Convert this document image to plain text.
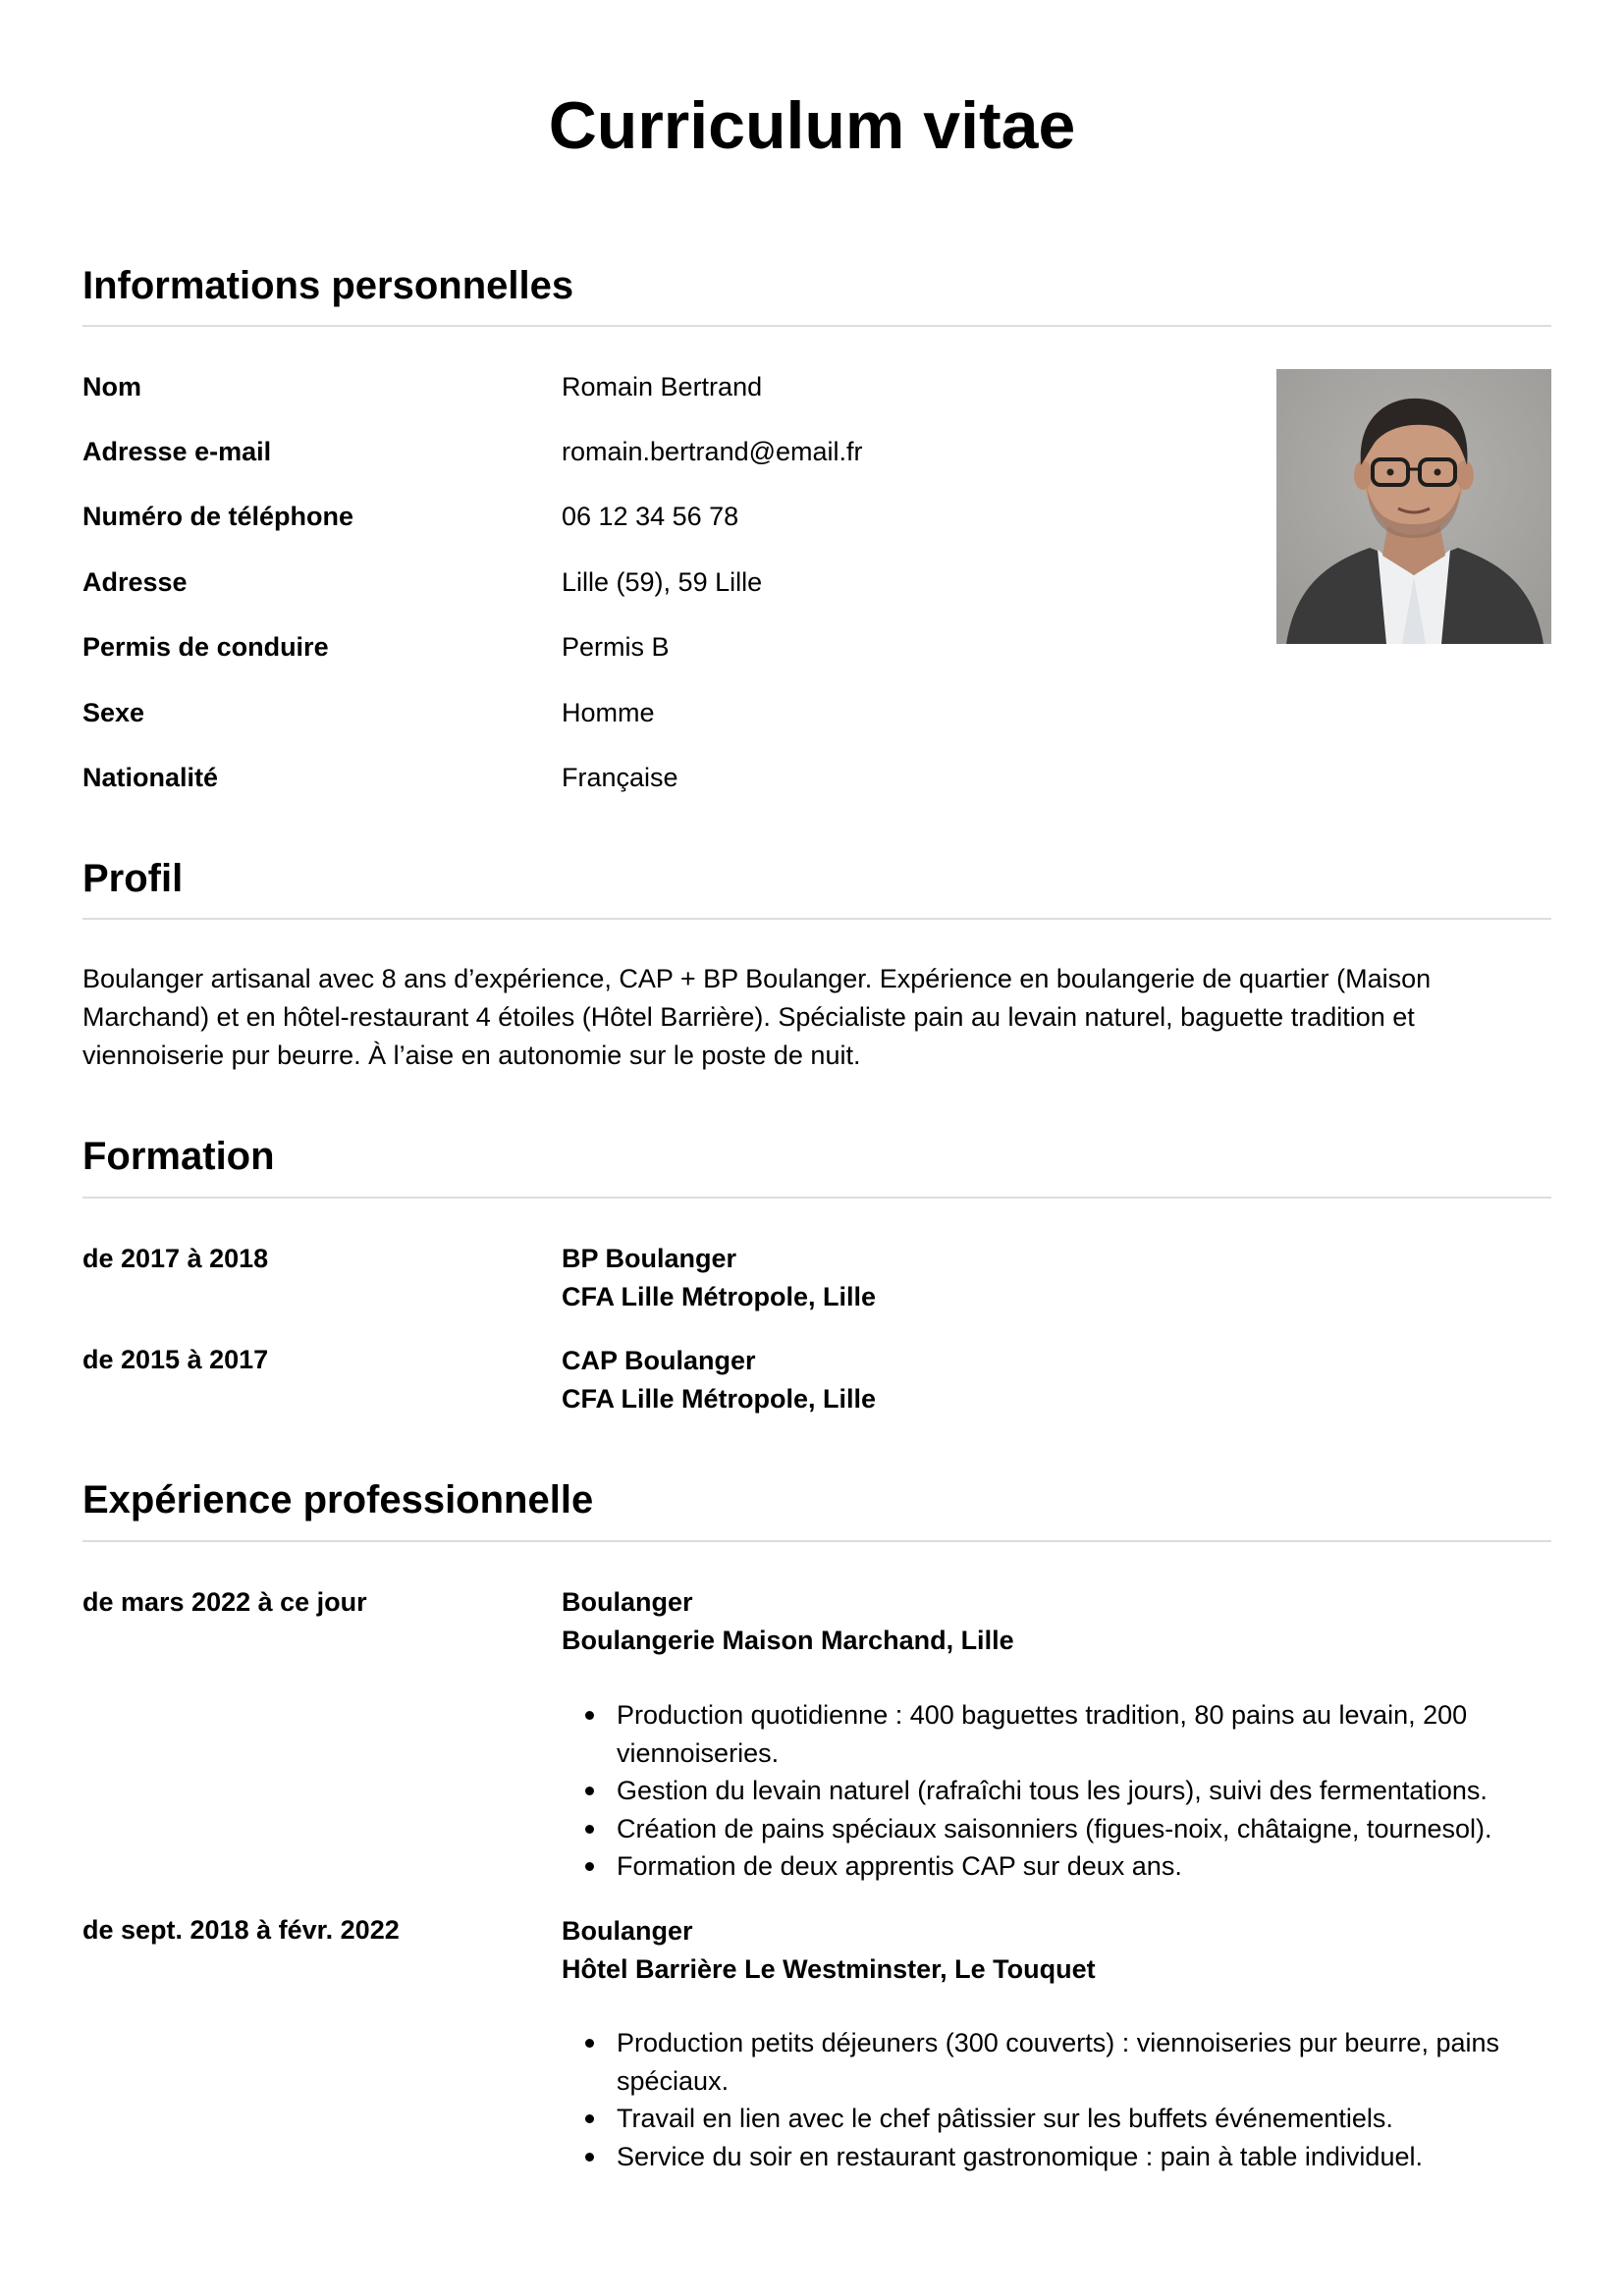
Curriculum vitae
Informations personnelles
Nom	Romain Bertrand
Adresse e-mail	romain.bertrand@email.fr
Numéro de téléphone	06 12 34 56 78
Adresse	Lille (59), 59 Lille
Permis de conduire	Permis B
Sexe	Homme
Nationalité	Française
Profil
Boulanger artisanal avec 8 ans d’expérience, CAP + BP Boulanger. Expérience en boulangerie de quartier (Maison
Marchand) et en hôtel-restaurant 4 étoiles (Hôtel Barrière). Spécialiste pain au levain naturel, baguette tradition et
viennoiserie pur beurre. À l’aise en autonomie sur le poste de nuit.
Formation
de 2017 à 2018	BP Boulanger
CFA Lille Métropole, Lille
de 2015 à 2017	CAP Boulanger
CFA Lille Métropole, Lille
Expérience professionnelle
de mars 2022 à ce jour	Boulanger
Boulangerie Maison Marchand, Lille
Production quotidienne : 400 baguettes tradition, 80 pains au levain, 200
viennoiseries.
Gestion du levain naturel (rafraîchi tous les jours), suivi des fermentations.
Création de pains spéciaux saisonniers (figues-noix, châtaigne, tournesol).
Formation de deux apprentis CAP sur deux ans.
de sept. 2018 à févr. 2022	Boulanger
Hôtel Barrière Le Westminster, Le Touquet
Production petits déjeuners (300 couverts) : viennoiseries pur beurre, pains
spéciaux.
Travail en lien avec le chef pâtissier sur les buffets événementiels.
Service du soir en restaurant gastronomique : pain à table individuel.
